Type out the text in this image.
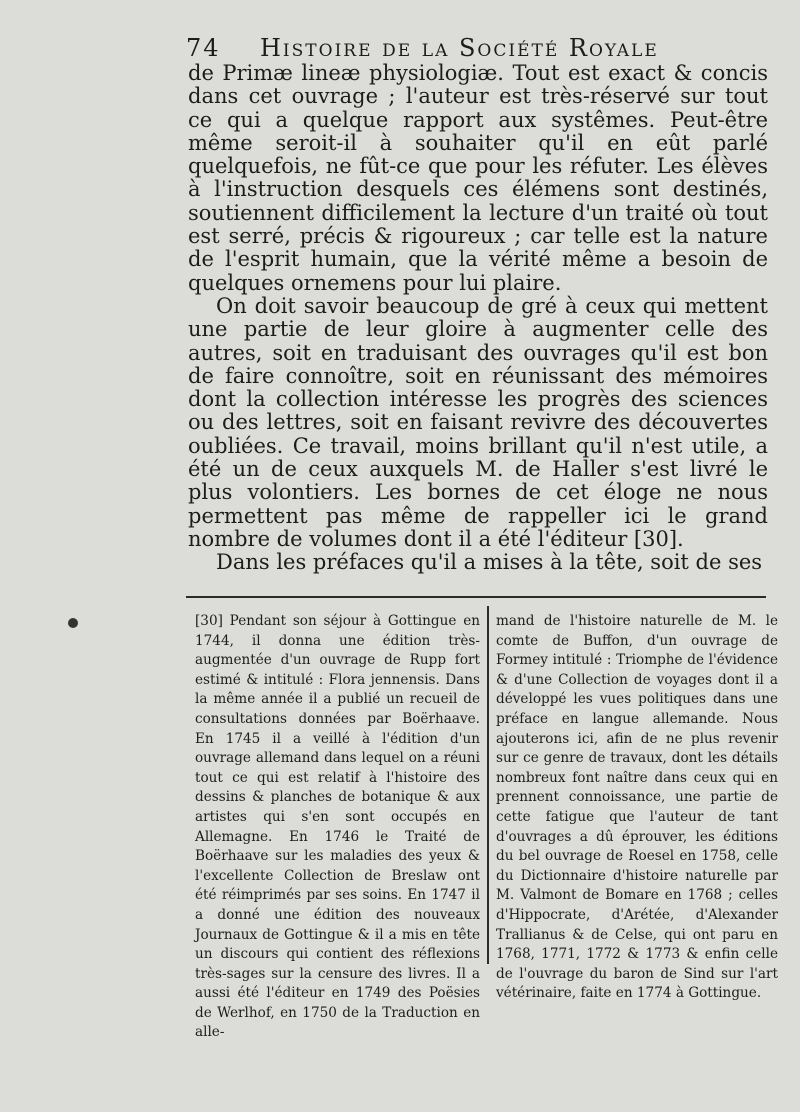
74 Histoire de la Société Royale

de Primæ lineæ physiologiæ. Tout est exact & concis dans cet ouvrage ; l'auteur est très-réservé sur tout ce qui a quelque rapport aux systêmes. Peut-être même seroit-il à souhaiter qu'il en eût parlé quelquefois, ne fût-ce que pour les réfuter. Les élèves à l'instruction desquels ces élémens sont destinés, soutiennent difficilement la lecture d'un traité où tout est serré, précis & rigoureux ; car telle est la nature de l'esprit humain, que la vérité même a besoin de quelques ornemens pour lui plaire.

On doit savoir beaucoup de gré à ceux qui mettent une partie de leur gloire à augmenter celle des autres, soit en traduisant des ouvrages qu'il est bon de faire connoître, soit en réunissant des mémoires dont la collection intéresse les progrès des sciences ou des lettres, soit en faisant revivre des découvertes oubliées. Ce travail, moins brillant qu'il n'est utile, a été un de ceux auxquels M. de Haller s'est livré le plus volontiers. Les bornes de cet éloge ne nous permettent pas même de rappeller ici le grand nombre de volumes dont il a été l'éditeur [30].

Dans les préfaces qu'il a mises à la tête, soit de ses

[30] Pendant son séjour à Gottingue en 1744, il donna une édition très-augmentée d'un ouvrage de Rupp fort estimé & intitulé : Flora jennensis. Dans la même année il a publié un recueil de consultations données par Boërhaave. En 1745 il a veillé à l'édition d'un ouvrage allemand dans lequel on a réuni tout ce qui est relatif à l'histoire des dessins & planches de botanique & aux artistes qui s'en sont occupés en Allemagne. En 1746 le Traité de Boërhaave sur les maladies des yeux & l'excellente Collection de Breslaw ont été réimprimés par ses soins. En 1747 il a donné une édition des nouveaux Journaux de Gottingue & il a mis en tête un discours qui contient des réflexions très-sages sur la censure des livres. Il a aussi été l'éditeur en 1749 des Poësies de Werlhof, en 1750 de la Traduction en alle-

mand de l'histoire naturelle de M. le comte de Buffon, d'un ouvrage de Formey intitulé : Triomphe de l'évidence & d'une Collection de voyages dont il a développé les vues politiques dans une préface en langue allemande. Nous ajouterons ici, afin de ne plus revenir sur ce genre de travaux, dont les détails nombreux font naître dans ceux qui en prennent connoissance, une partie de cette fatigue que l'auteur de tant d'ouvrages a dû éprouver, les éditions du bel ouvrage de Roesel en 1758, celle du Dictionnaire d'histoire naturelle par M. Valmont de Bomare en 1768 ; celles d'Hippocrate, d'Arétée, d'Alexander Trallianus & de Celse, qui ont paru en 1768, 1771, 1772 & 1773 & enfin celle de l'ouvrage du baron de Sind sur l'art vétérinaire, faite en 1774 à Gottingue.
